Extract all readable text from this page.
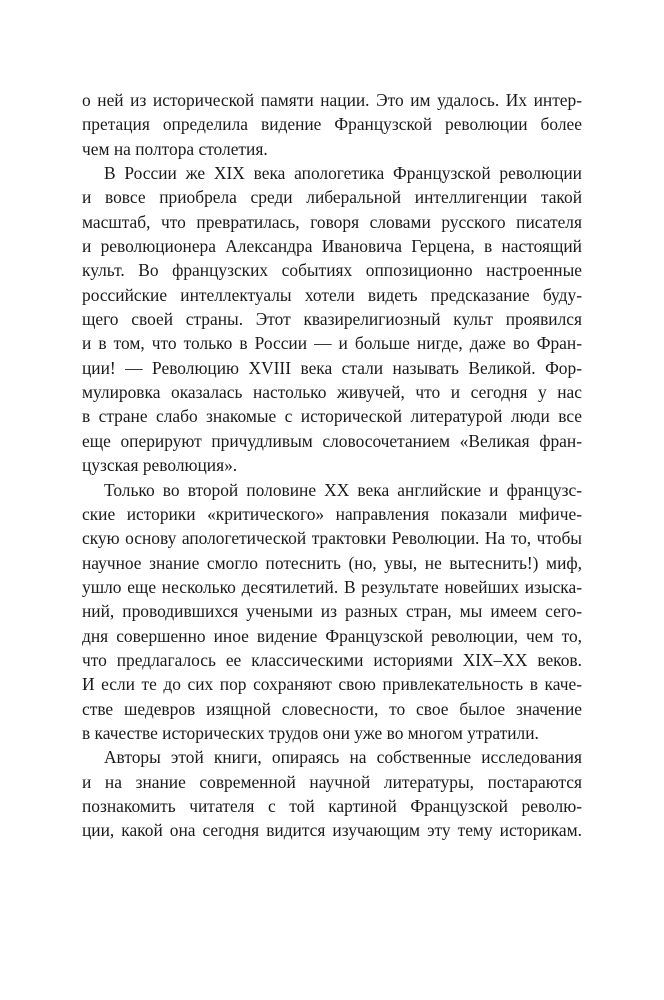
о ней из исторической памяти нации. Это им удалось. Их интер-
претация определила видение Французской революции более
чем на полтора столетия.
В России же XIX века апологетика Французской революции
и вовсе приобрела среди либеральной интеллигенции такой
масштаб, что превратилась, говоря словами русского писателя
и революционера Александра Ивановича Герцена, в настоящий
культ. Во французских событиях оппозиционно настроенные
российские интеллектуалы хотели видеть предсказание буду-
щего своей страны. Этот квазирелигиозный культ проявился
и в том, что только в России — и больше нигде, даже во Фран-
ции! — Революцию XVIII века стали называть Великой. Фор-
мулировка оказалась настолько живучей, что и сегодня у нас
в стране слабо знакомые с исторической литературой люди все
еще оперируют причудливым словосочетанием «Великая фран-
цузская революция».
Только во второй половине XX века английские и французс-
ские историки «критического» направления показали мифиче-
скую основу апологетической трактовки Революции. На то, чтобы
научное знание смогло потеснить (но, увы, не вытеснить!) миф,
ушло еще несколько десятилетий. В результате новейших изыска-
ний, проводившихся учеными из разных стран, мы имеем сего-
дня совершенно иное видение Французской революции, чем то,
что предлагалось ее классическими историями XIX–XX веков.
И если те до сих пор сохраняют свою привлекательность в каче-
стве шедевров изящной словесности, то свое былое значение
в качестве исторических трудов они уже во многом утратили.
Авторы этой книги, опираясь на собственные исследования
и на знание современной научной литературы, постараются
познакомить читателя с той картиной Французской револю-
ции, какой она сегодня видится изучающим эту тему историкам.
